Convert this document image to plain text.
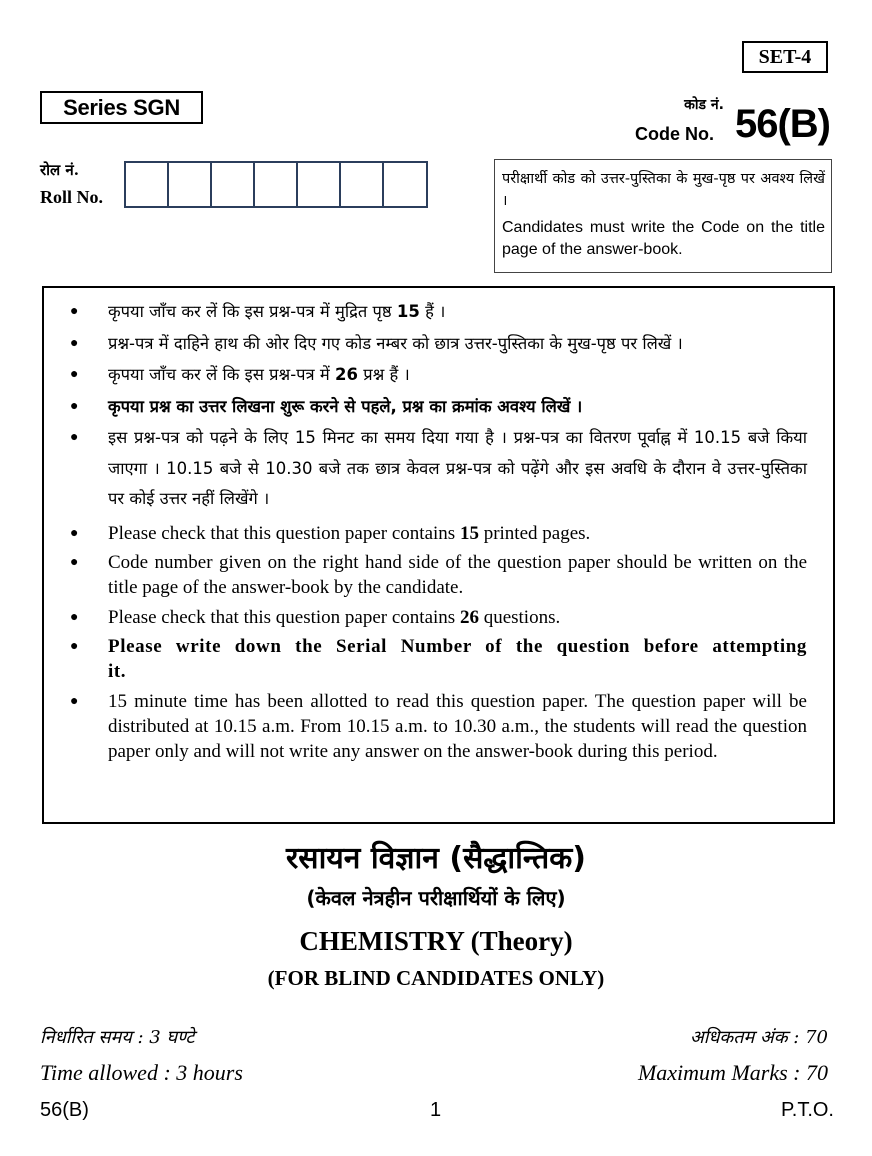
SET-4
Series SGN	कोड नं.
Code No. 56(B)
रोल नं.
Roll No.
परीक्षार्थी कोड को उत्तर-पुस्तिका के मुख-पृष्ठ पर अवश्य लिखें ।
Candidates must write the Code on the title page of the answer-book.
●	कृपया जाँच कर लें कि इस प्रश्न-पत्र में मुद्रित पृष्ठ 15 हैं ।
●	प्रश्न-पत्र में दाहिने हाथ की ओर दिए गए कोड नम्बर को छात्र उत्तर-पुस्तिका के मुख-पृष्ठ पर लिखें ।
●	कृपया जाँच कर लें कि इस प्रश्न-पत्र में 26 प्रश्न हैं ।
●	कृपया प्रश्न का उत्तर लिखना शुरू करने से पहले, प्रश्न का क्रमांक अवश्य लिखें ।
●	इस प्रश्न-पत्र को पढ़ने के लिए 15 मिनट का समय दिया गया है । प्रश्न-पत्र का वितरण पूर्वाह्न में 10.15 बजे किया जाएगा । 10.15 बजे से 10.30 बजे तक छात्र केवल प्रश्न-पत्र को पढ़ेंगे और इस अवधि के दौरान वे उत्तर-पुस्तिका पर कोई उत्तर नहीं लिखेंगे ।
●	Please check that this question paper contains 15 printed pages.
●	Code number given on the right hand side of the question paper should be written on the title page of the answer-book by the candidate.
●	Please check that this question paper contains 26 questions.
●	Please write down the Serial Number of the question before attempting it.
●	15 minute time has been allotted to read this question paper. The question paper will be distributed at 10.15 a.m. From 10.15 a.m. to 10.30 a.m., the students will read the question paper only and will not write any answer on the answer-book during this period.
रसायन विज्ञान (सैद्धान्तिक)
(केवल नेत्रहीन परीक्षार्थियों के लिए)
CHEMISTRY (Theory)
(FOR BLIND CANDIDATES ONLY)
निर्धारित समय : 3 घण्टे
Time allowed : 3 hours
अधिकतम अंक : 70
Maximum Marks : 70
56(B)	1	P.T.O.
